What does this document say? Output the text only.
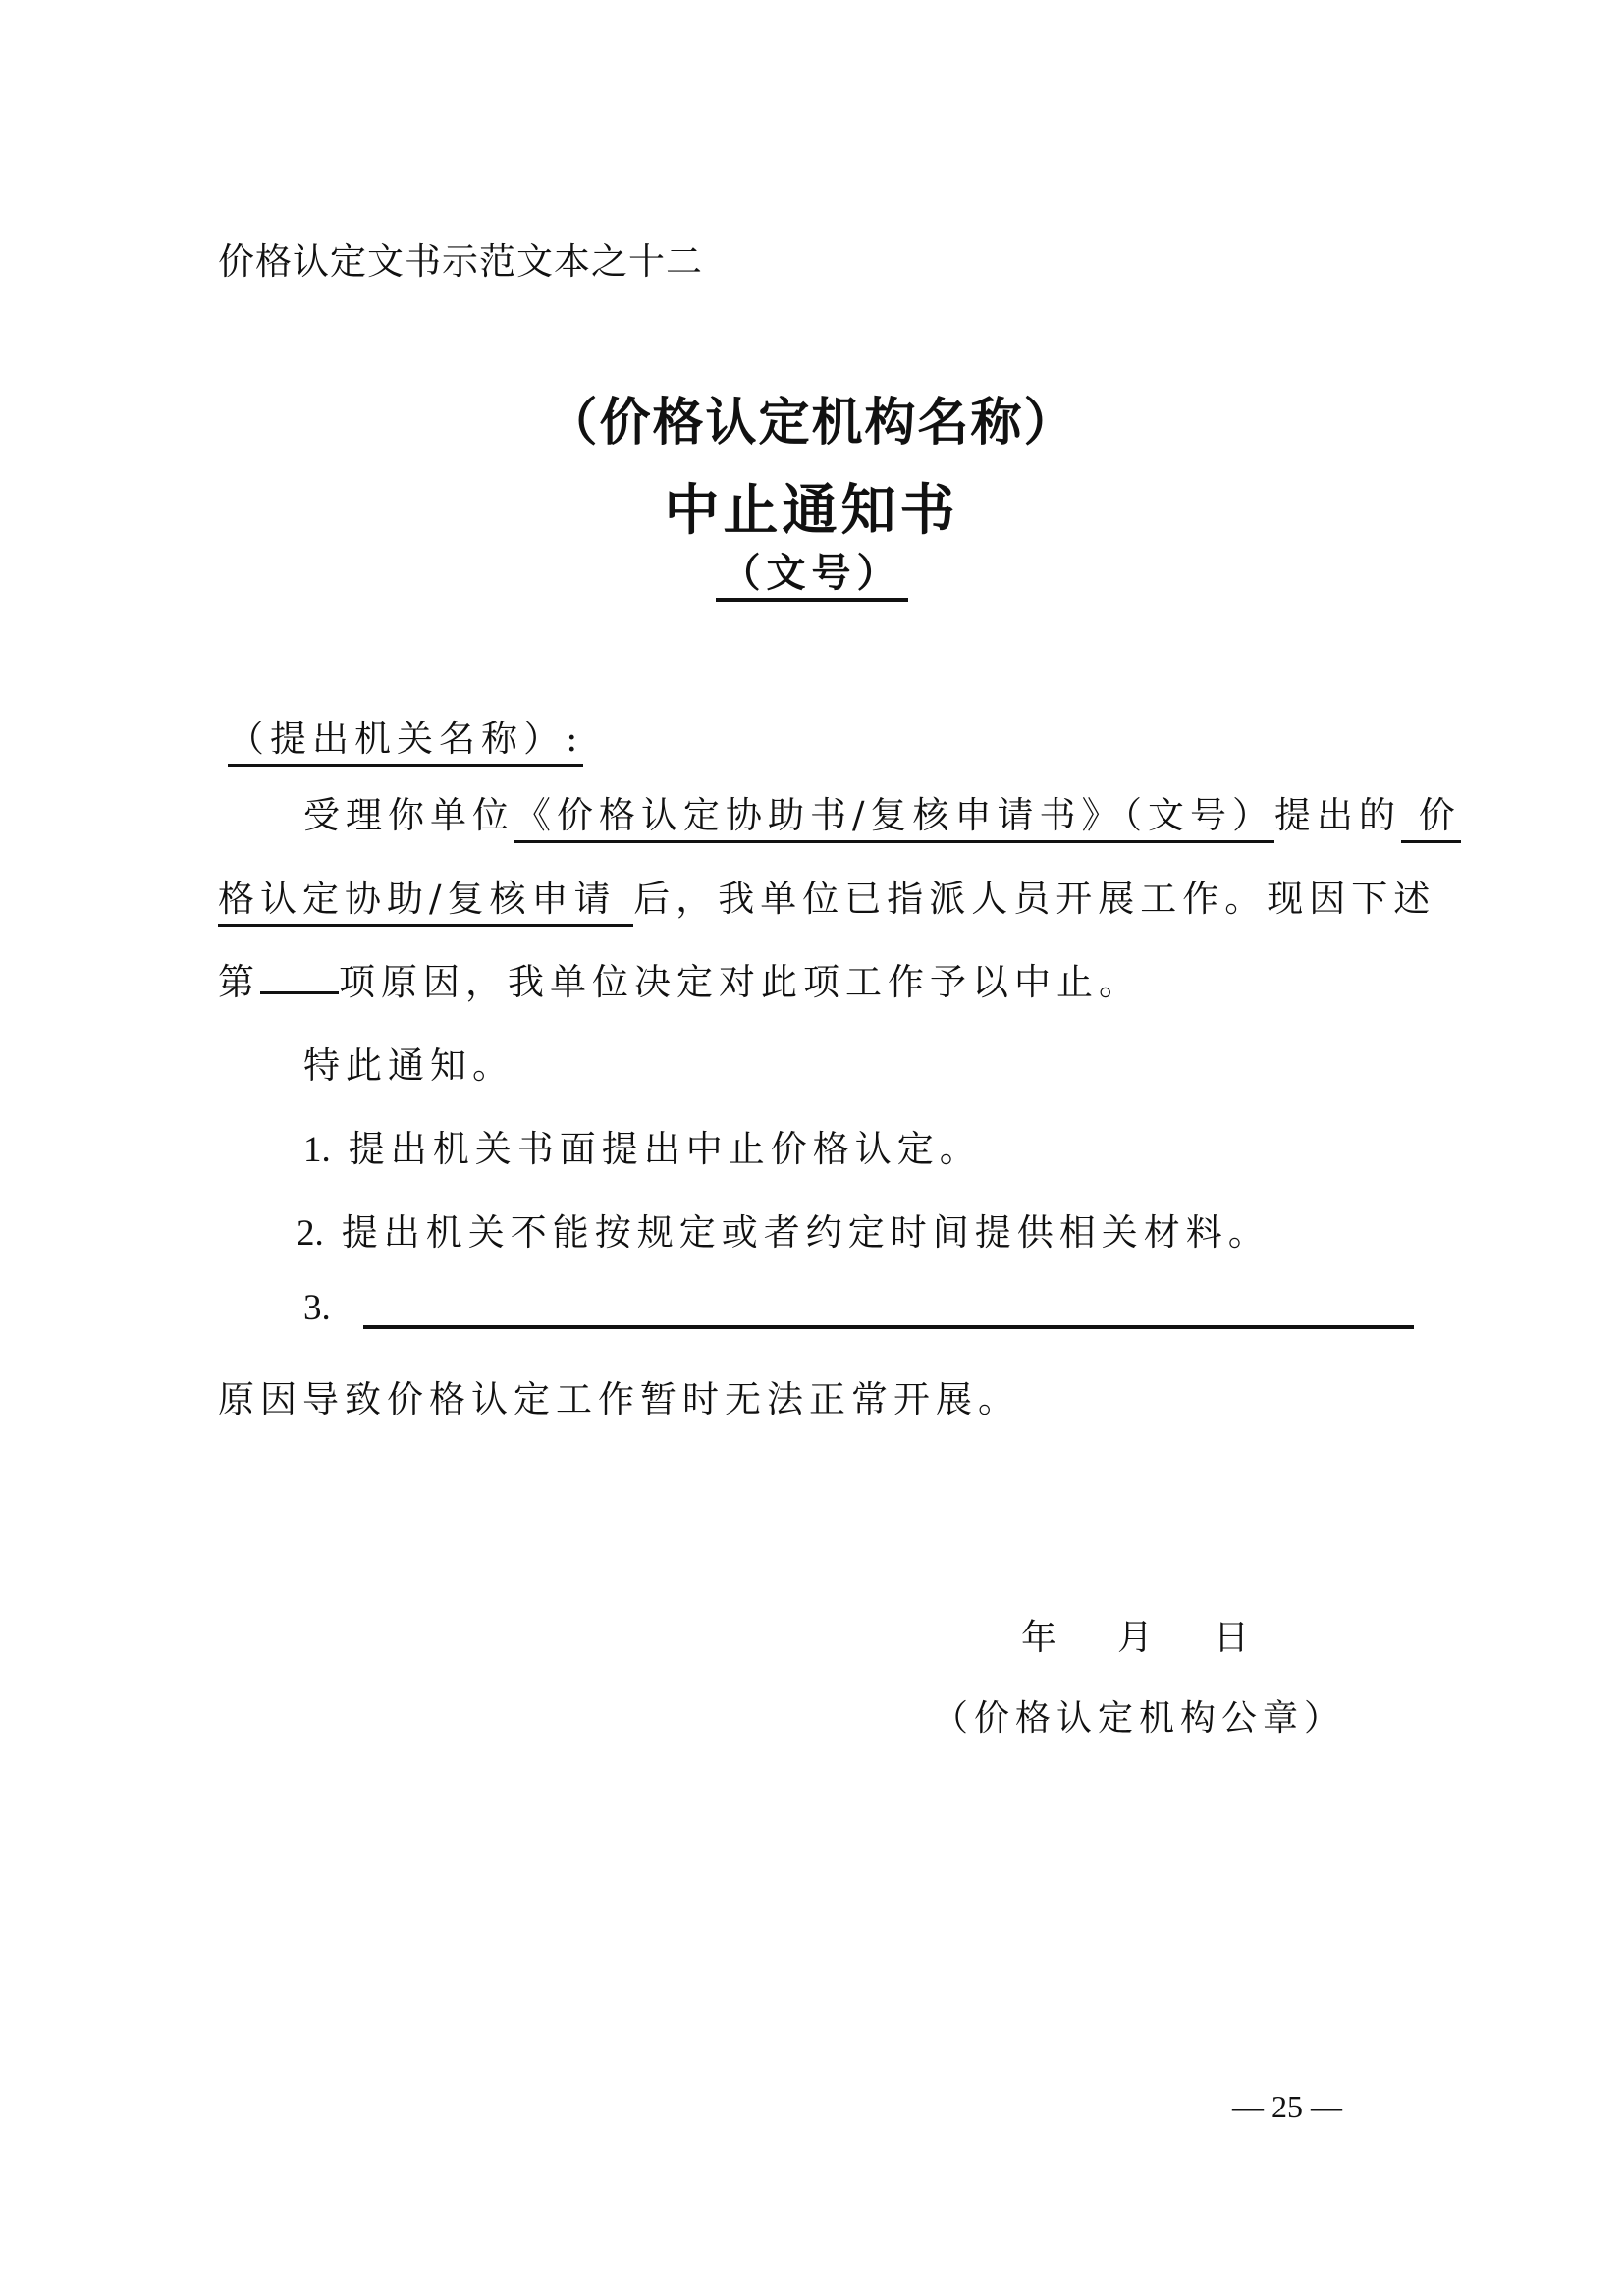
价格认定文书示范文本之十二
（价格认定机构名称）
中止通知书
（文号）
（提出机关名称）:
受理你单位《价格认定协助书/复核申请书》（文号）提出的 价
格认定协助/复核申请 后，我单位已指派人员开展工作。现因下述
第 项原因，我单位决定对此项工作予以中止。
特此通知。
1. 提出机关书面提出中止价格认定。
2. 提出机关不能按规定或者约定时间提供相关材料。
3.
原因导致价格认定工作暂时无法正常开展。
年 月 日
（价格认定机构公章）
— 25 —
